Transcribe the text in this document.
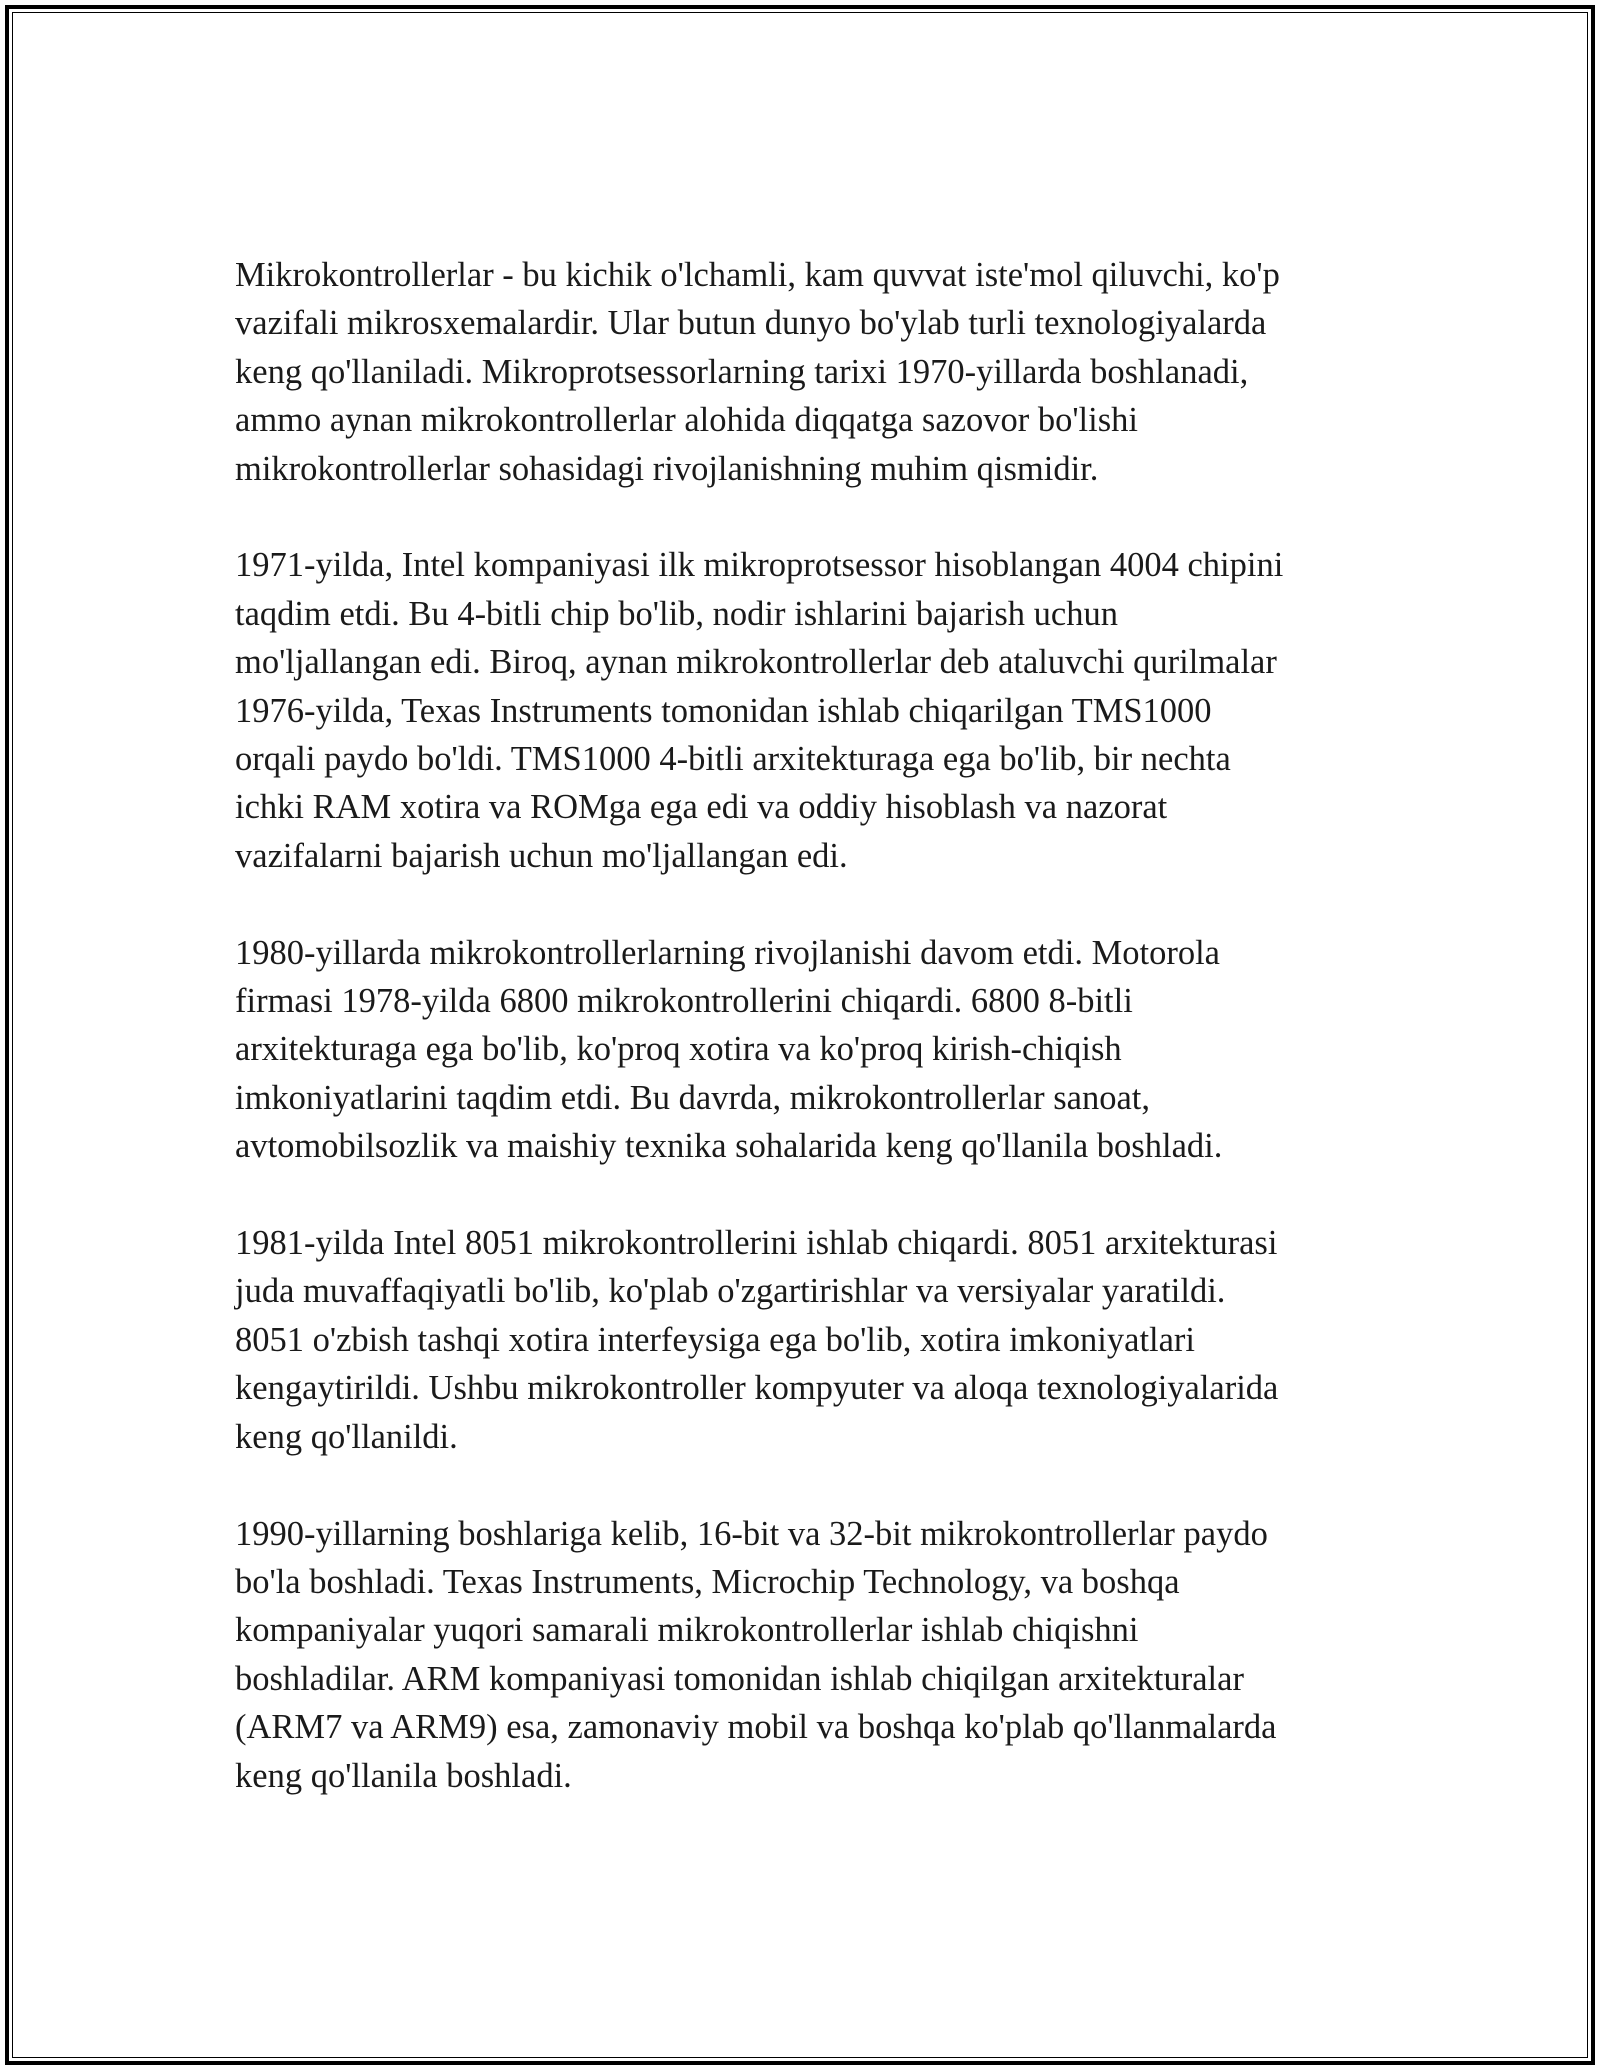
Mikrokontrollerlar - bu kichik o'lchamli, kam quvvat iste'mol qiluvchi, ko'p
vazifali mikrosxemalardir. Ular butun dunyo bo'ylab turli texnologiyalarda
keng qo'llaniladi. Mikroprotsessorlarning tarixi 1970-yillarda boshlanadi,
ammo aynan mikrokontrollerlar alohida diqqatga sazovor bo'lishi
mikrokontrollerlar sohasidagi rivojlanishning muhim qismidir.
1971-yilda, Intel kompaniyasi ilk mikroprotsessor hisoblangan 4004 chipini
taqdim etdi. Bu 4-bitli chip bo'lib, nodir ishlarini bajarish uchun
mo'ljallangan edi. Biroq, aynan mikrokontrollerlar deb ataluvchi qurilmalar
1976-yilda, Texas Instruments tomonidan ishlab chiqarilgan TMS1000
orqali paydo bo'ldi. TMS1000 4-bitli arxitekturaga ega bo'lib, bir nechta
ichki RAM xotira va ROMga ega edi va oddiy hisoblash va nazorat
vazifalarni bajarish uchun mo'ljallangan edi.
1980-yillarda mikrokontrollerlarning rivojlanishi davom etdi. Motorola
firmasi 1978-yilda 6800 mikrokontrollerini chiqardi. 6800 8-bitli
arxitekturaga ega bo'lib, ko'proq xotira va ko'proq kirish-chiqish
imkoniyatlarini taqdim etdi. Bu davrda, mikrokontrollerlar sanoat,
avtomobilsozlik va maishiy texnika sohalarida keng qo'llanila boshladi.
1981-yilda Intel 8051 mikrokontrollerini ishlab chiqardi. 8051 arxitekturasi
juda muvaffaqiyatli bo'lib, ko'plab o'zgartirishlar va versiyalar yaratildi.
8051 o'zbish tashqi xotira interfeysiga ega bo'lib, xotira imkoniyatlari
kengaytirildi. Ushbu mikrokontroller kompyuter va aloqa texnologiyalarida
keng qo'llanildi.
1990-yillarning boshlariga kelib, 16-bit va 32-bit mikrokontrollerlar paydo
bo'la boshladi. Texas Instruments, Microchip Technology, va boshqa
kompaniyalar yuqori samarali mikrokontrollerlar ishlab chiqishni
boshladilar. ARM kompaniyasi tomonidan ishlab chiqilgan arxitekturalar
(ARM7 va ARM9) esa, zamonaviy mobil va boshqa ko'plab qo'llanmalarda
keng qo'llanila boshladi.
